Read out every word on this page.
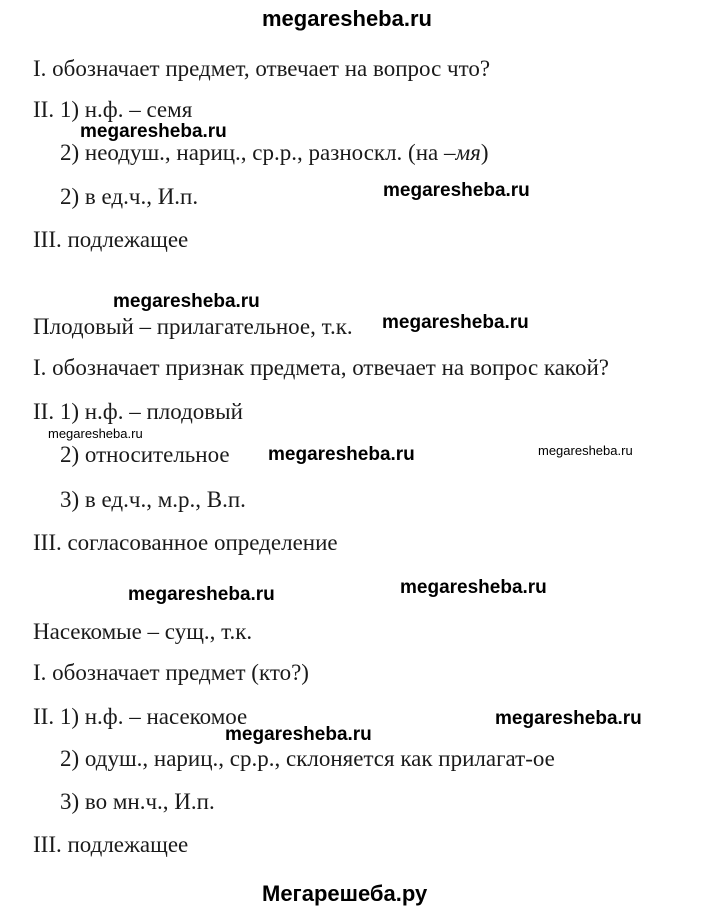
megaresheba.ru
I. обозначает предмет, отвечает на вопрос что?
II. 1) н.ф. – семя
megaresheba.ru
2) неодуш., нариц., ср.р., разноскл. (на –мя)
2) в ед.ч., И.п.	megaresheba.ru
III. подлежащее
megaresheba.ru
Плодовый – прилагательное, т.к. megaresheba.ru
I. обозначает признак предмета, отвечает на вопрос какой?
II. 1) н.ф. – плодовый
megaresheba.ru
2) относительное megaresheba.ru	megaresheba.ru
3) в ед.ч., м.р., В.п.
III. согласованное определение
megaresheba.ru
megaresheba.ru
Насекомые – сущ., т.к.
I. обозначает предмет (кто?)
II. 1) н.ф. – насекомое	megaresheba.ru
megaresheba.ru
2) одуш., нариц., ср.р., склоняется как прилагат-ое
3) во мн.ч., И.п.
III. подлежащее
Мегарешеба.ру
